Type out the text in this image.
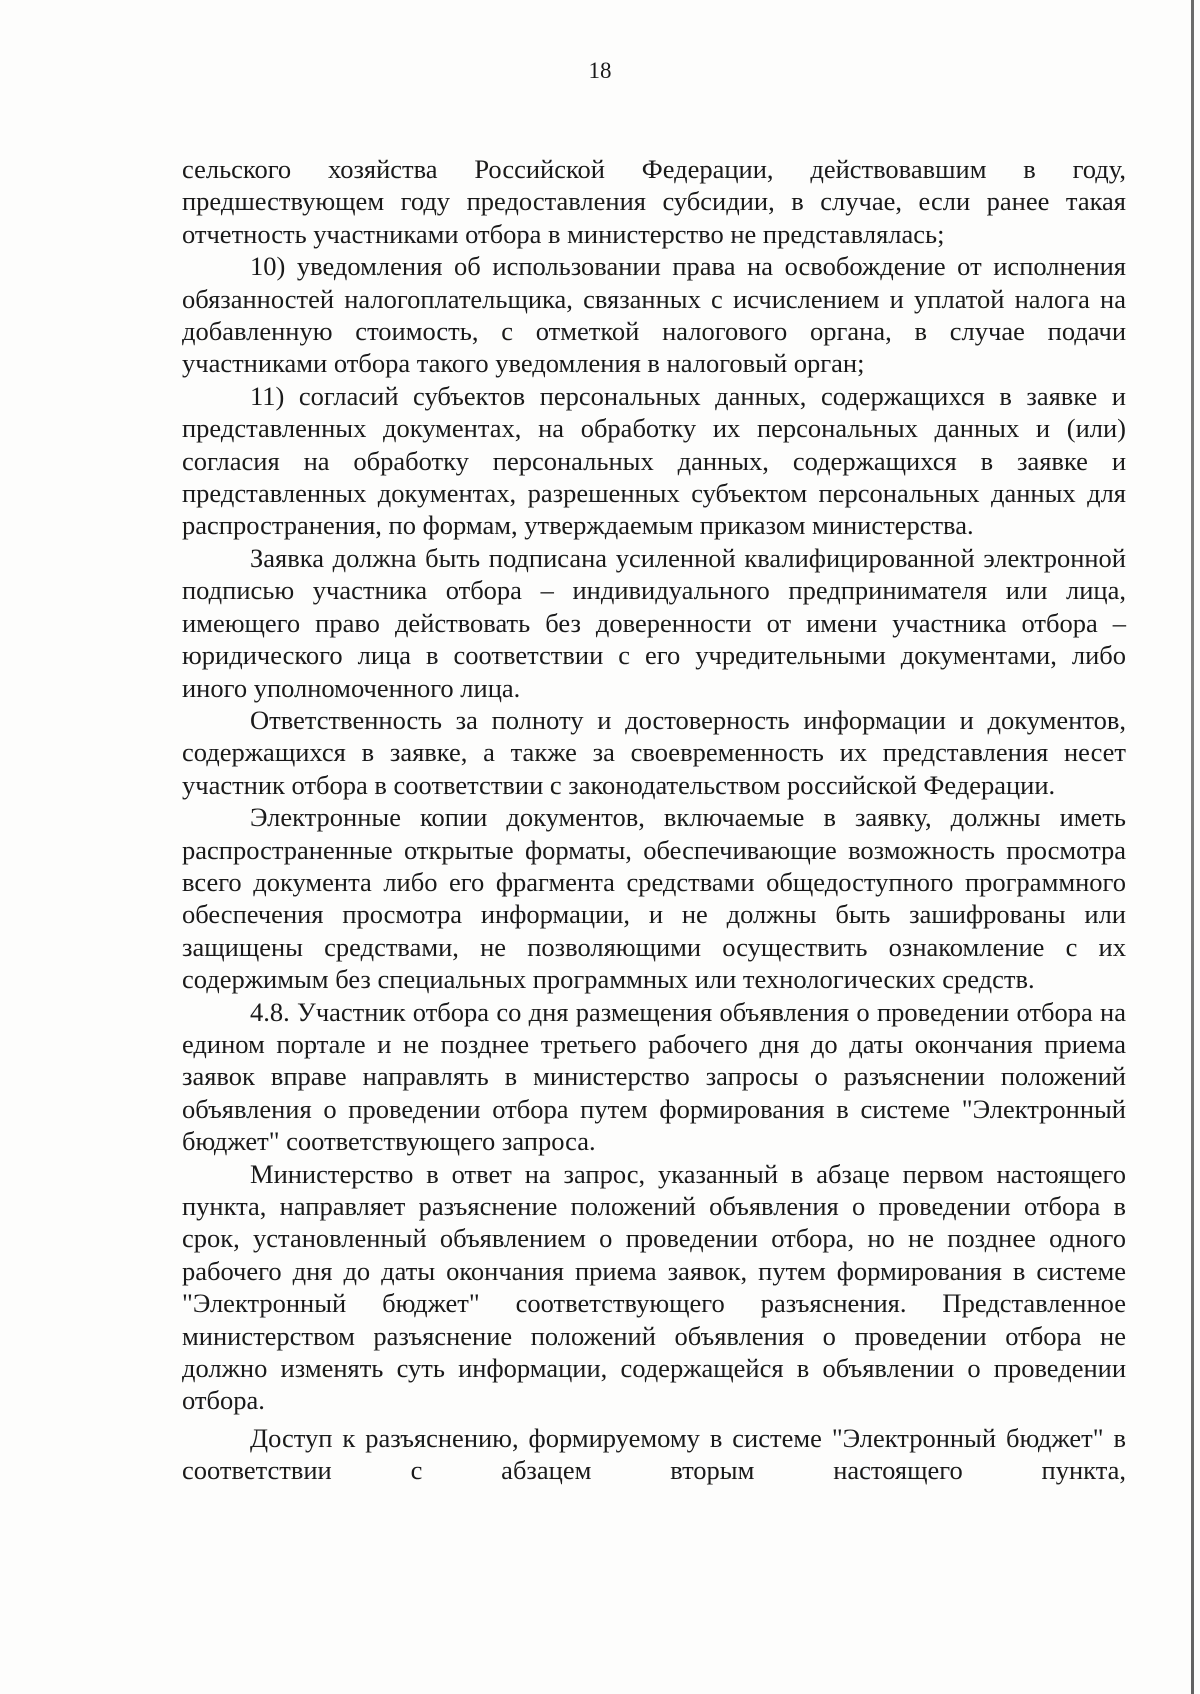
18

сельского хозяйства Российской Федерации, действовавшим в году, предшествующем году предоставления субсидии, в случае, если ранее такая отчетность участниками отбора в министерство не представлялась;

10) уведомления об использовании права на освобождение от исполнения обязанностей налогоплательщика, связанных с исчислением и уплатой налога на добавленную стоимость, с отметкой налогового органа, в случае подачи участниками отбора такого уведомления в налоговый орган;

11) согласий субъектов персональных данных, содержащихся в заявке и представленных документах, на обработку их персональных данных и (или) согласия на обработку персональных данных, содержащихся в заявке и представленных документах, разрешенных субъектом персональных данных для распространения, по формам, утверждаемым приказом министерства.

Заявка должна быть подписана усиленной квалифицированной электронной подписью участника отбора – индивидуального предпринимателя или лица, имеющего право действовать без доверенности от имени участника отбора – юридического лица в соответствии с его учредительными документами, либо иного уполномоченного лица.

Ответственность за полноту и достоверность информации и документов, содержащихся в заявке, а также за своевременность их представления несет участник отбора в соответствии с законодательством российской Федерации.

Электронные копии документов, включаемые в заявку, должны иметь распространенные открытые форматы, обеспечивающие возможность просмотра всего документа либо его фрагмента средствами общедоступного программного обеспечения просмотра информации, и не должны быть зашифрованы или защищены средствами, не позволяющими осуществить ознакомление с их содержимым без специальных программных или технологических средств.

4.8. Участник отбора со дня размещения объявления о проведении отбора на едином портале и не позднее третьего рабочего дня до даты окончания приема заявок вправе направлять в министерство запросы о разъяснении положений объявления о проведении отбора путем формирования в системе "Электронный бюджет" соответствующего запроса.

Министерство в ответ на запрос, указанный в абзаце первом настоящего пункта, направляет разъяснение положений объявления о проведении отбора в срок, установленный объявлением о проведении отбора, но не позднее одного рабочего дня до даты окончания приема заявок, путем формирования в системе "Электронный бюджет" соответствующего разъяснения. Представленное министерством разъяснение положений объявления о проведении отбора не должно изменять суть информации, содержащейся в объявлении о проведении отбора.

Доступ к разъяснению, формируемому в системе "Электронный бюджет" в соответствии с абзацем вторым настоящего пункта,
